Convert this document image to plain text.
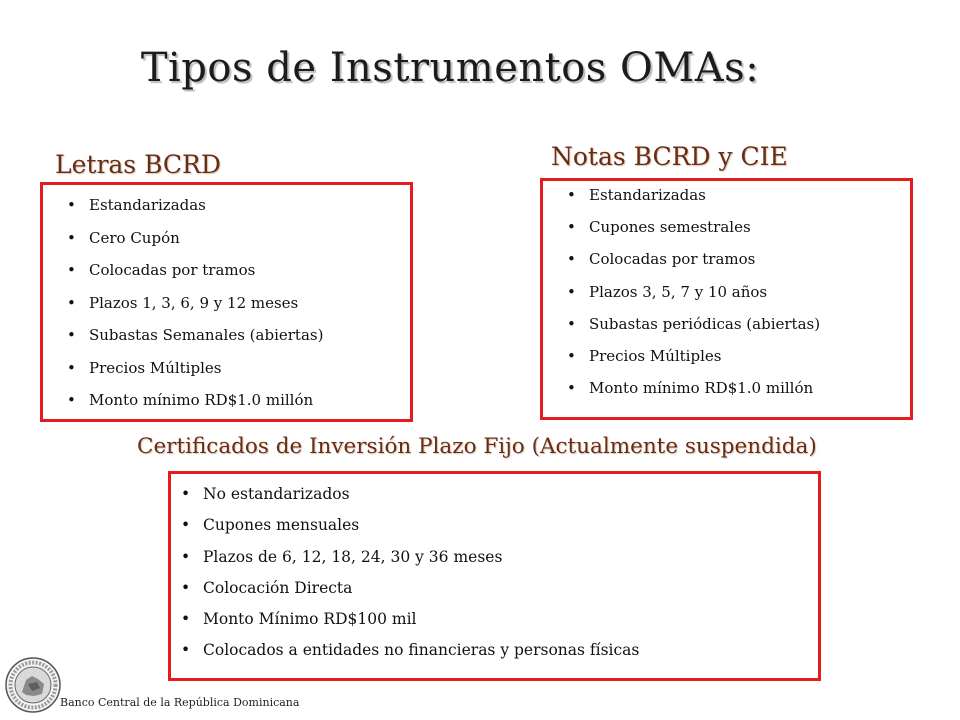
Tipos de Instrumentos OMAs:
Letras BCRD
• Estandarizadas
• Cero Cupón
• Colocadas por tramos
• Plazos 1, 3, 6, 9 y 12 meses
• Subastas Semanales (abiertas)
• Precios Múltiples
• Monto mínimo RD$1.0 millón
Notas BCRD y CIE
• Estandarizadas
• Cupones semestrales
• Colocadas por tramos
• Plazos 3, 5, 7 y 10 años
• Subastas periódicas (abiertas)
• Precios Múltiples
• Monto mínimo RD$1.0 millón
Certificados de Inversión Plazo Fijo (Actualmente suspendida)
• No estandarizados
• Cupones mensuales
• Plazos de 6, 12, 18, 24, 30 y 36 meses
• Colocación Directa
• Monto Mínimo RD$100 mil
• Colocados a entidades no financieras y personas físicas

Banco Central de la República Dominicana
